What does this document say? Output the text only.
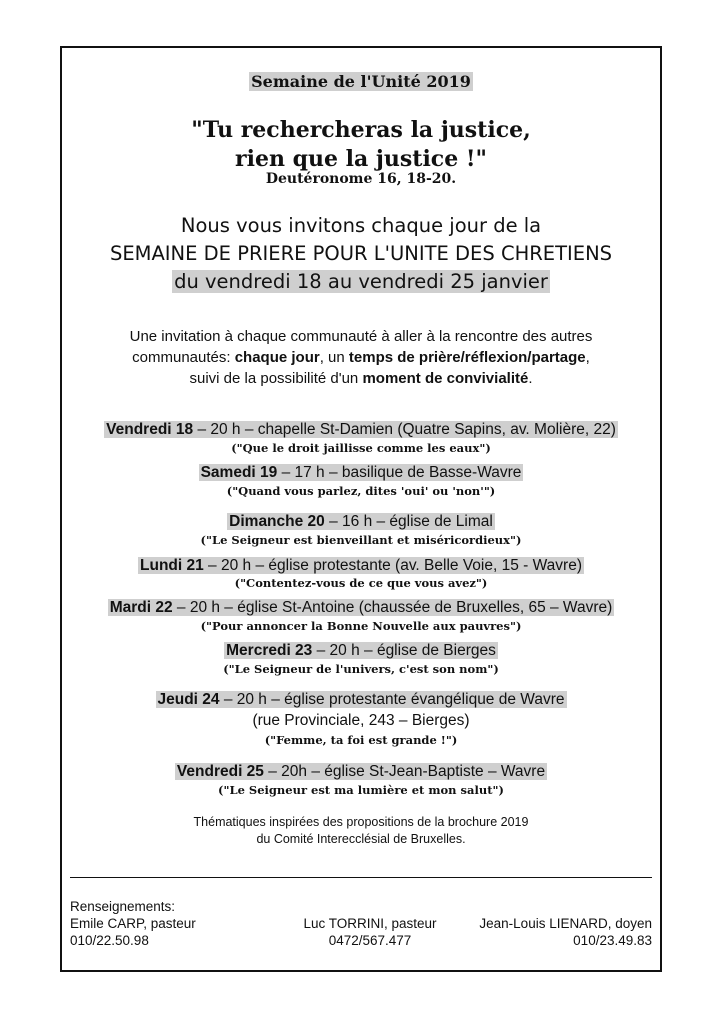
Semaine de l'Unité 2019
"Tu rechercheras la justice,
rien que la justice !"
Deutéronome 16, 18-20.
Nous vous invitons chaque jour de la
SEMAINE DE PRIERE POUR L'UNITE DES CHRETIENS
du vendredi 18 au vendredi 25 janvier
Une invitation à chaque communauté à aller à la rencontre des autres
communautés: chaque jour, un temps de prière/réflexion/partage,
suivi de la possibilité d'un moment de convivialité.
Vendredi 18 – 20 h – chapelle St-Damien (Quatre Sapins, av. Molière, 22)
("Que le droit jaillisse comme les eaux")
Samedi 19 – 17 h – basilique de Basse-Wavre
("Quand vous parlez, dites 'oui' ou 'non'")
Dimanche 20 – 16 h – église de Limal
("Le Seigneur est bienveillant et miséricordieux")
Lundi 21 – 20 h – église protestante (av. Belle Voie, 15 - Wavre)
("Contentez-vous de ce que vous avez")
Mardi 22 – 20 h – église St-Antoine (chaussée de Bruxelles, 65 – Wavre)
("Pour annoncer la Bonne Nouvelle aux pauvres")
Mercredi 23 – 20 h – église de Bierges
("Le Seigneur de l'univers, c'est son nom")
Jeudi 24 – 20 h – église protestante évangélique de Wavre
(rue Provinciale, 243 – Bierges)
("Femme, ta foi est grande !")
Vendredi 25 – 20h – église St-Jean-Baptiste – Wavre
("Le Seigneur est ma lumière et mon salut")
Thématiques inspirées des propositions de la brochure 2019
du Comité Interecclésial de Bruxelles.
Renseignements:
Emile CARP, pasteur
010/22.50.98
Luc TORRINI, pasteur
0472/567.477
Jean-Louis LIENARD, doyen
010/23.49.83
